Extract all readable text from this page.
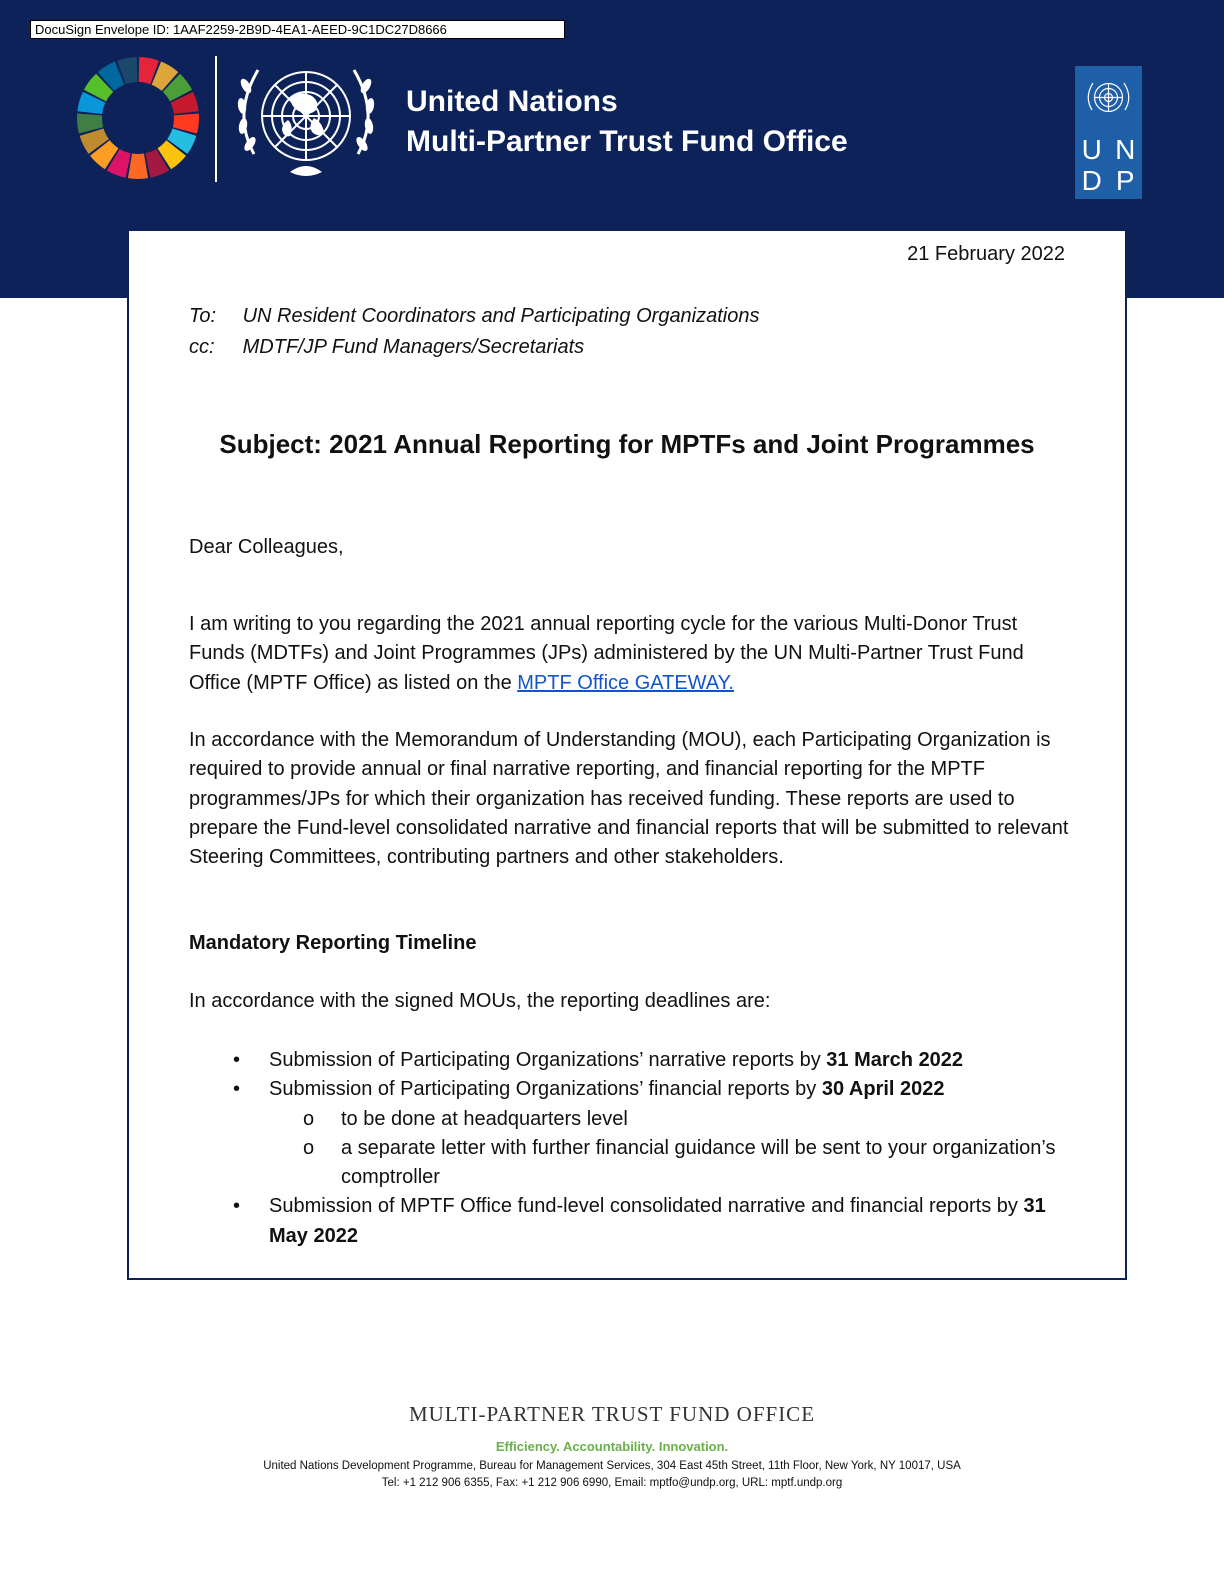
DocuSign Envelope ID: 1AAF2259-2B9D-4EA1-AEED-9C1DC27D8666
United Nations
Multi-Partner Trust Fund Office	U N
D P
21 February 2022
To: UN Resident Coordinators and Participating Organizations
cc: MDTF/JP Fund Managers/Secretariats
Subject: 2021 Annual Reporting for MPTFs and Joint Programmes

Dear Colleagues,

I am writing to you regarding the 2021 annual reporting cycle for the various Multi-Donor Trust Funds (MDTFs) and Joint Programmes (JPs) administered by the UN Multi-Partner Trust Fund Office (MPTF Office) as listed on the MPTF Office GATEWAY.

In accordance with the Memorandum of Understanding (MOU), each Participating Organization is required to provide annual or final narrative reporting, and financial reporting for the MPTF programmes/JPs for which their organization has received funding. These reports are used to prepare the Fund-level consolidated narrative and financial reports that will be submitted to relevant Steering Committees, contributing partners and other stakeholders.

Mandatory Reporting Timeline

In accordance with the signed MOUs, the reporting deadlines are:

• Submission of Participating Organizations’ narrative reports by 31 March 2022
• Submission of Participating Organizations’ financial reports by 30 April 2022
o to be done at headquarters level
o a separate letter with further financial guidance will be sent to your organization’s comptroller
• Submission of MPTF Office fund-level consolidated narrative and financial reports by 31 May 2022
MULTI-PARTNER TRUST FUND OFFICE
Efficiency. Accountability. Innovation.
United Nations Development Programme, Bureau for Management Services, 304 East 45th Street, 11th Floor, New York, NY 10017, USA
Tel: +1 212 906 6355, Fax: +1 212 906 6990, Email: mptfo@undp.org, URL: mptf.undp.org
